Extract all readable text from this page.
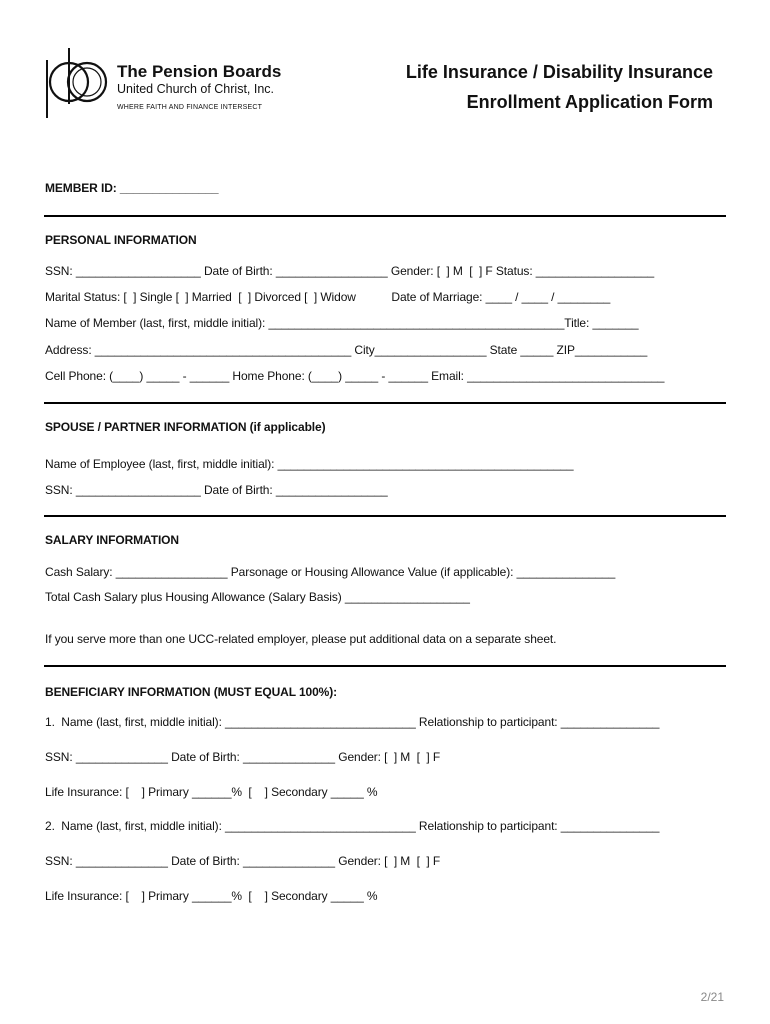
The Pension Boards
United Church of Christ, Inc.
WHERE FAITH AND FINANCE INTERSECT
Life Insurance / Disability Insurance
Enrollment Application Form
MEMBER ID: _______________
PERSONAL INFORMATION
SSN: ___________________ Date of Birth: _________________ Gender: [  ] M  [  ] F Status: __________________
Marital Status: [  ] Single [  ] Married  [  ] Divorced [  ] Widow           Date of Marriage: ____ / ____ / ________
Name of Member (last, first, middle initial): _____________________________________________Title: _______
Address: _______________________________________ City_________________ State _____ ZIP___________
Cell Phone: (____) _____ - ______ Home Phone: (____) _____ - ______ Email: ______________________________
SPOUSE / PARTNER INFORMATION (if applicable)
Name of Employee (last, first, middle initial): _____________________________________________
SSN: ___________________ Date of Birth: _________________
SALARY INFORMATION
Cash Salary: _________________ Parsonage or Housing Allowance Value (if applicable): _______________
Total Cash Salary plus Housing Allowance (Salary Basis) ___________________
If you serve more than one UCC-related employer, please put additional data on a separate sheet.
BENEFICIARY INFORMATION (MUST EQUAL 100%):
1.  Name (last, first, middle initial): _____________________________ Relationship to participant: _______________
SSN: ______________ Date of Birth: ______________ Gender: [  ] M  [  ] F
Life Insurance: [    ] Primary ______%  [    ] Secondary _____ %
2.  Name (last, first, middle initial): _____________________________ Relationship to participant: _______________
SSN: ______________ Date of Birth: ______________ Gender: [  ] M  [  ] F
Life Insurance: [    ] Primary ______%  [    ] Secondary _____ %
2/21
